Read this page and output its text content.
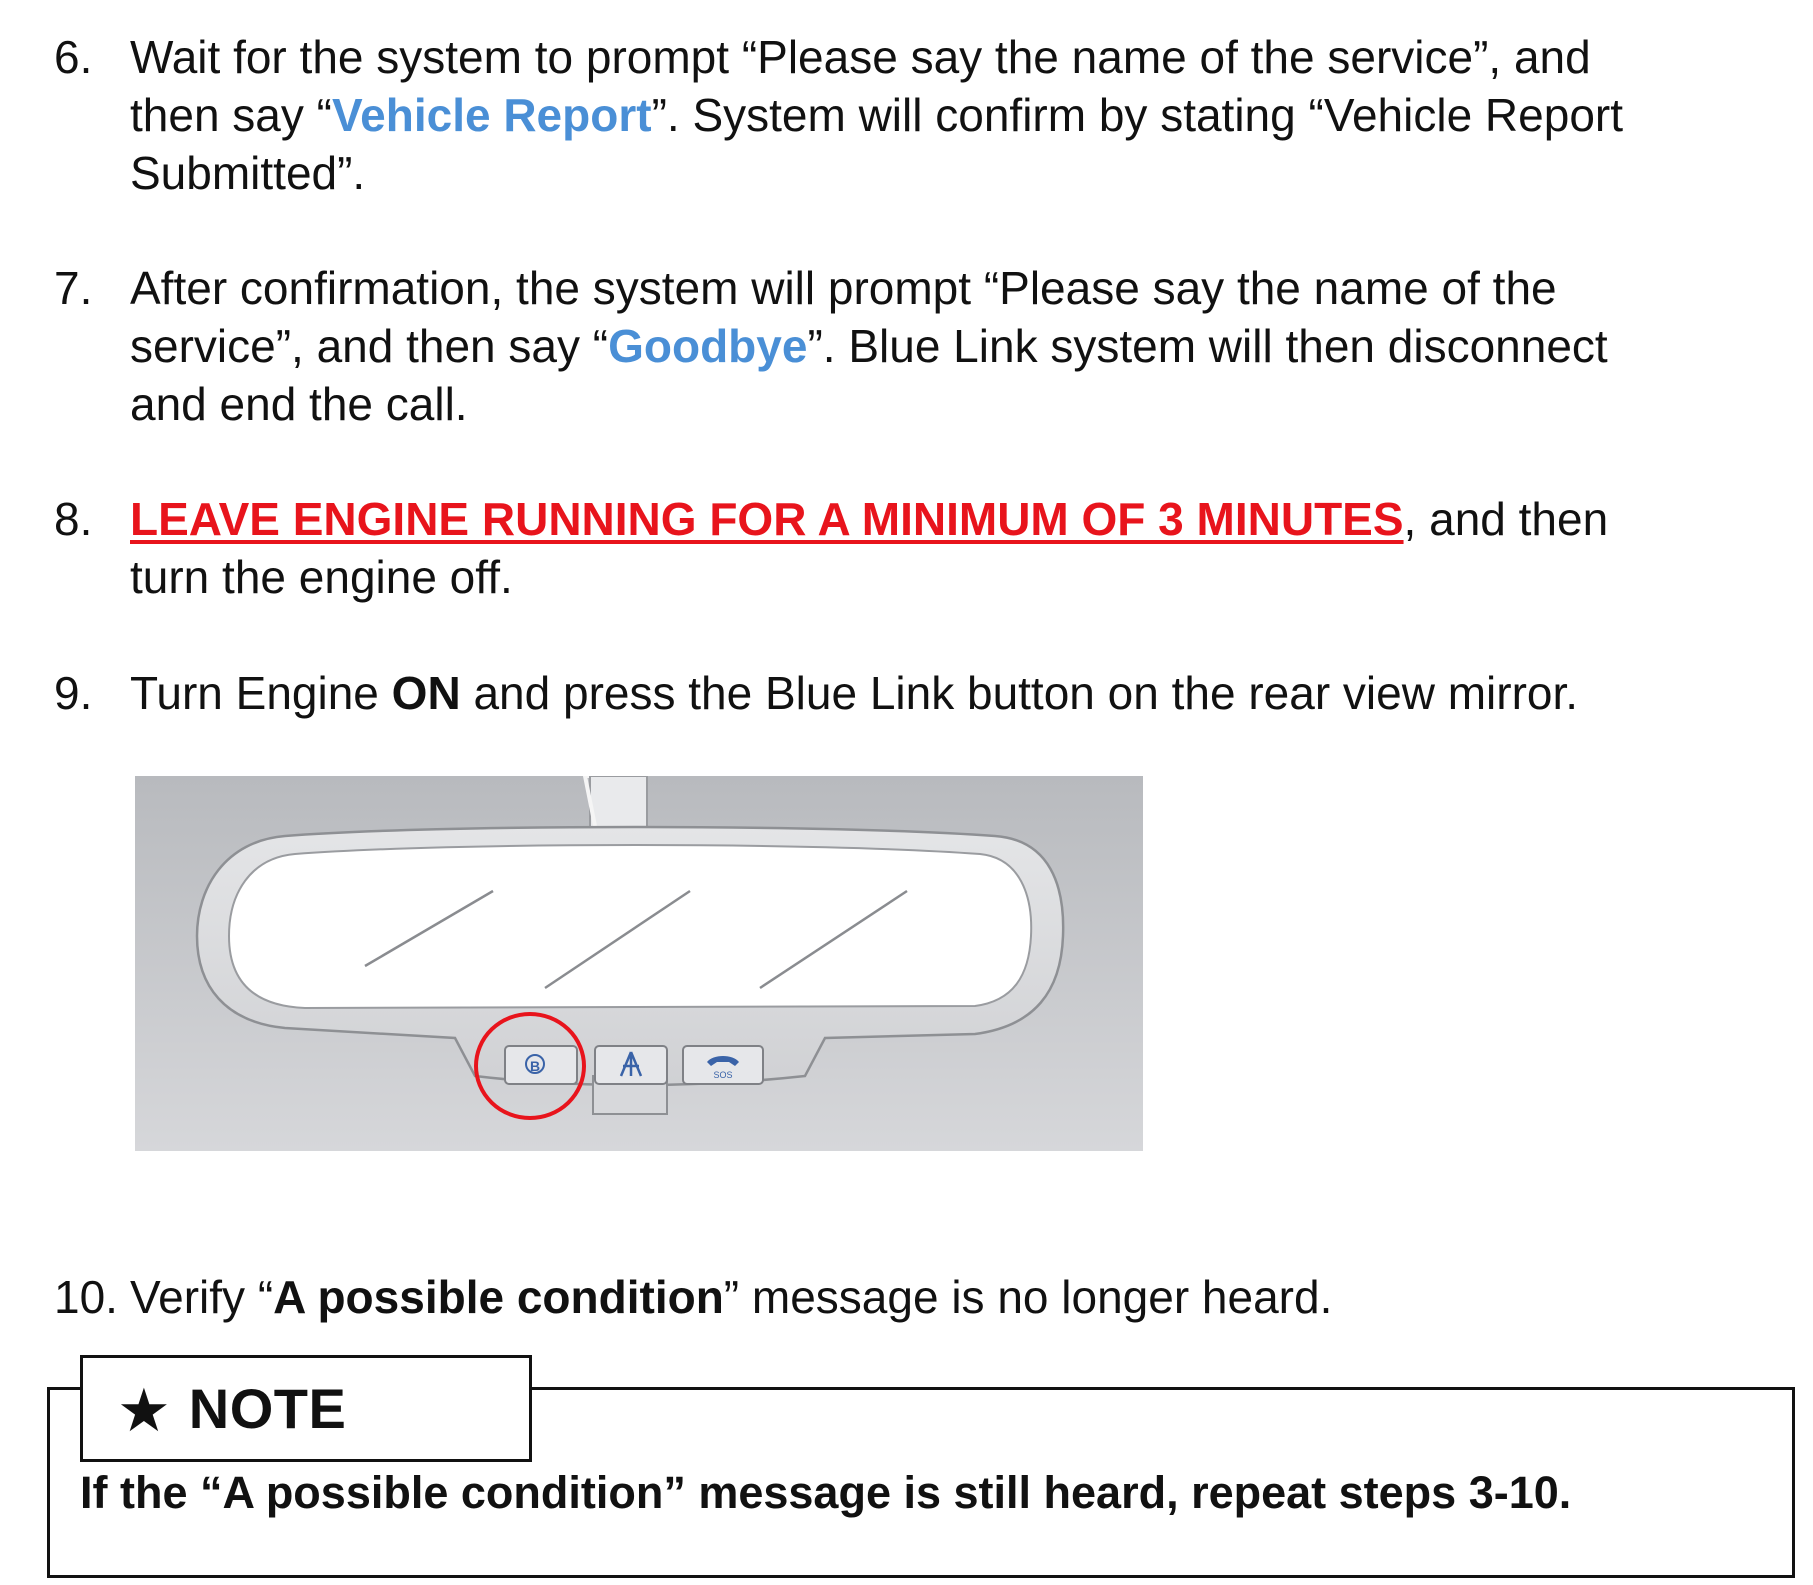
6. Wait for the system to prompt “Please say the name of the service”, and
then say “Vehicle Report”. System will confirm by stating “Vehicle Report
Submitted”.
7. After confirmation, the system will prompt “Please say the name of the
service”, and then say “Goodbye”. Blue Link system will then disconnect
and end the call.
8. LEAVE ENGINE RUNNING FOR A MINIMUM OF 3 MINUTES, and then
turn the engine off.
9. Turn Engine ON and press the Blue Link button on the rear view mirror.
B
SOS
10. Verify “A possible condition” message is no longer heard.
★ NOTE
If the “A possible condition” message is still heard, repeat steps 3-10.
